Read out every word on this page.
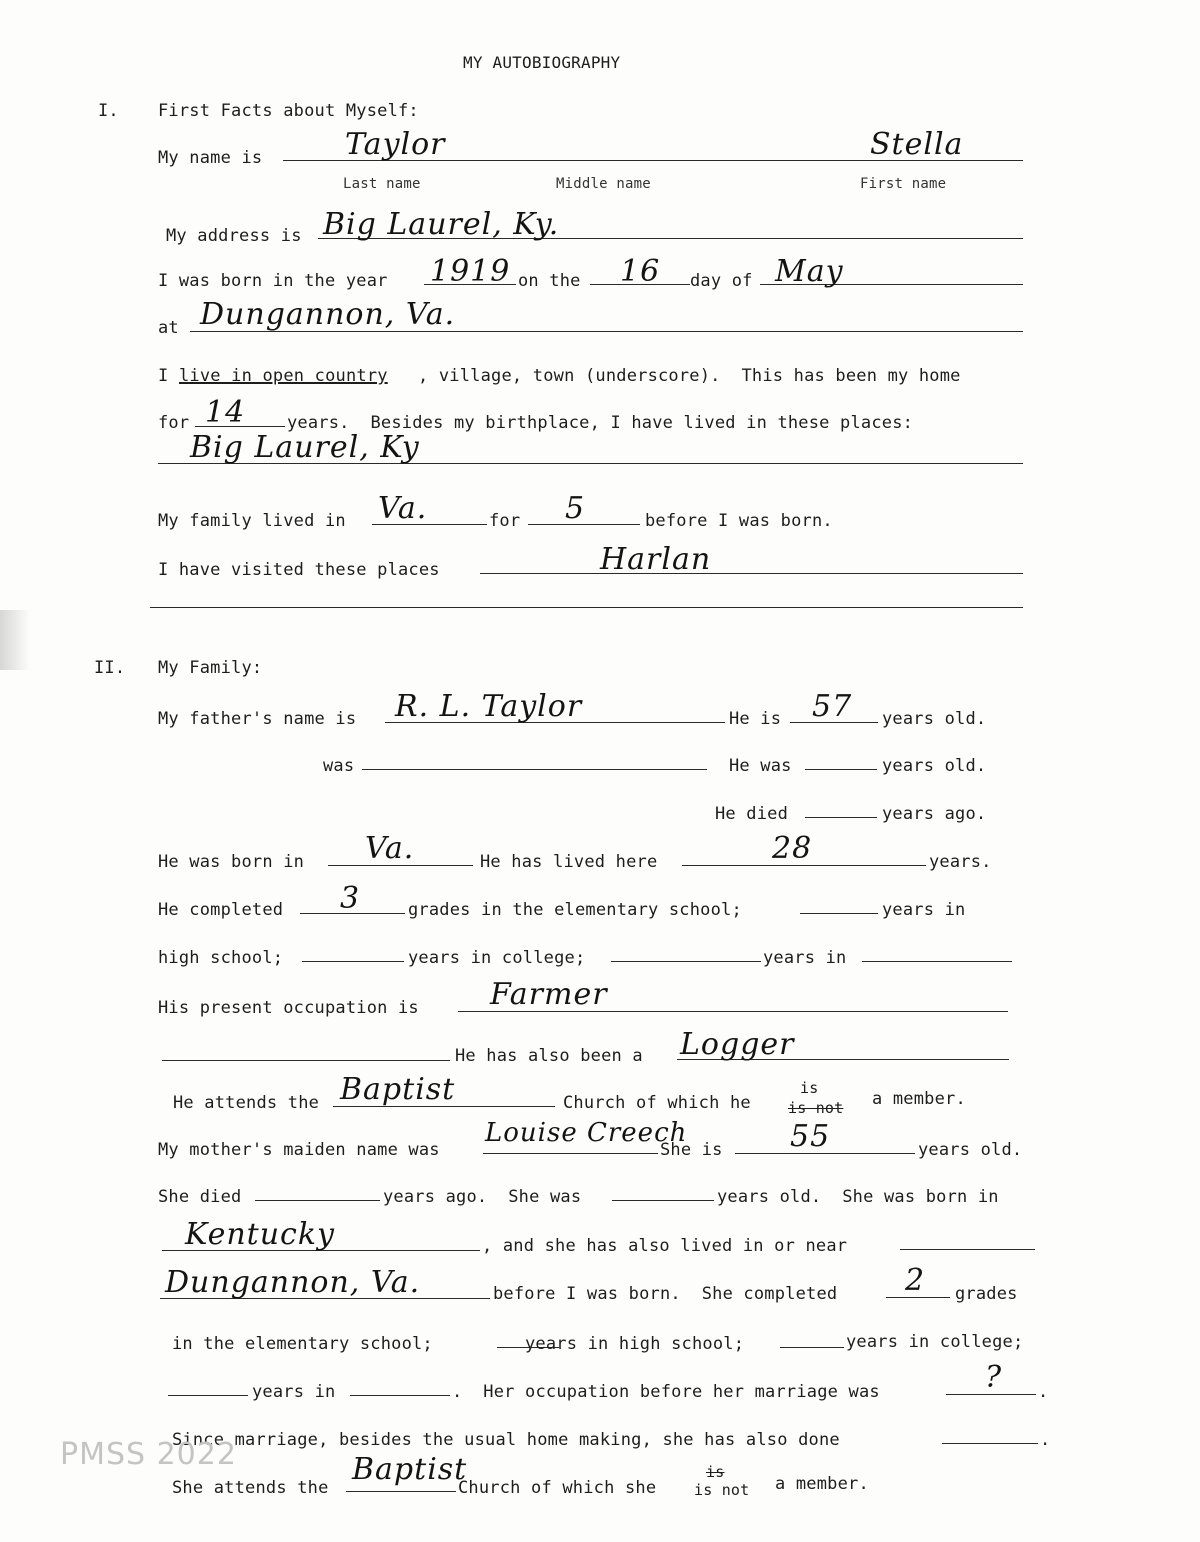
MY AUTOBIOGRAPHY
I. First Facts about Myself:
My name is	Taylor	Stella
Last name	Middle name	First name
My address is Big Laurel, Ky.
I was born in the year 1919 on the 16 day of May
at Dungannon, Va.
I live in open country , village, town (underscore).  This has been my home
for 14 years.  Besides my birthplace, I have lived in these places:
Big Laurel, Ky
My family lived in Va.	for 5	before I was born.
I have visited these places	Harlan
II. My Family:
My father's name is R. L. Taylor	He is 57 years old.
was	He was	years old.
He died	years ago.
He was born in Va.	He has lived here	28	years.
He completed 3	grades in the elementary school;	years in
high school;	years in college;	years in
His present occupation is Farmer
He has also been a Logger
He attends the Baptist	Church of which he
is
is not a member.
My mother's maiden name was
Louise Creech
She is 55	years old.
She died	years ago.  She was	years old.  She was born in
Kentucky	, and she has also lived in or near
Dungannon, Va.	before I was born.  She completed 2 grades
in the elementary school;	years in high school;	years in college;
years in	.  Her occupation before her marriage was	? .
Since marriage, besides the usual home making, she has also done	.
She attends the
Baptist
Church of which she
is
is not a member.
PMSS 2022
